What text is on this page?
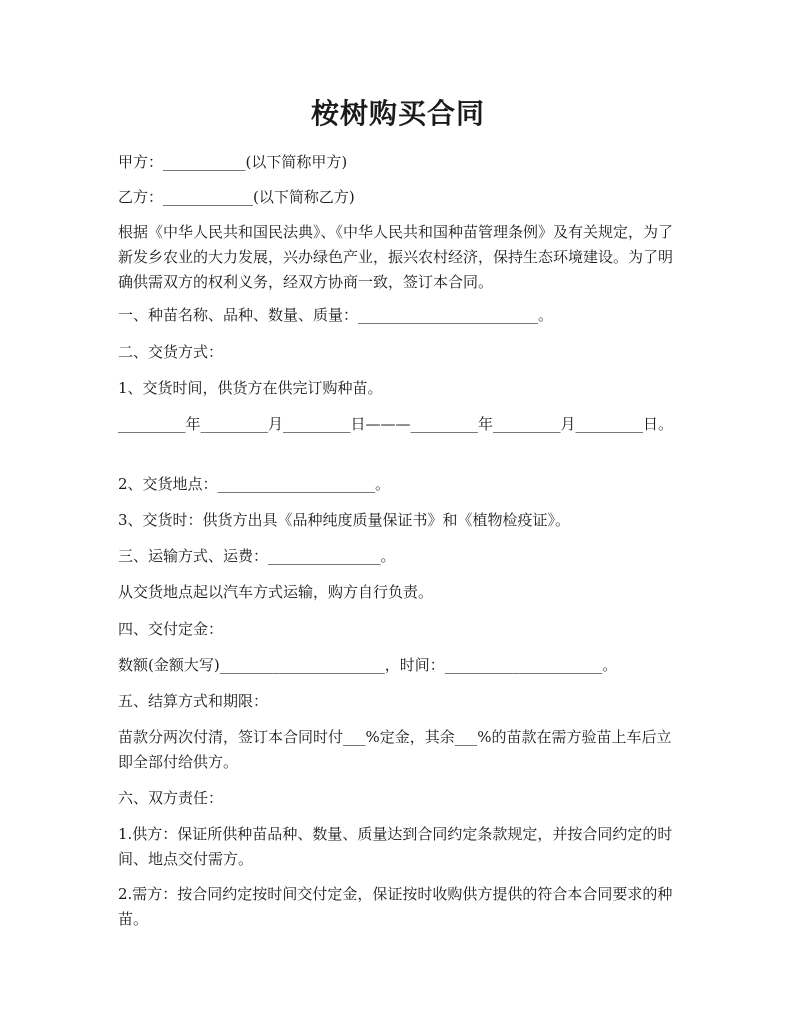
桉树购买合同

甲方：___________(以下简称甲方)

乙方：____________(以下简称乙方)

根据《中华人民共和国民法典》、《中华人民共和国种苗管理条例》及有关规定，为了新发乡农业的大力发展，兴办绿色产业，振兴农村经济，保持生态环境建设。为了明确供需双方的权利义务，经双方协商一致，签订本合同。

一、种苗名称、品种、数量、质量：________________________。

二、交货方式：

1、交货时间，供货方在供完订购种苗。

_________年_________月_________日———_________年_________月_________日。

2、交货地点：_____________________。

3、交货时：供货方出具《品种纯度质量保证书》和《植物检疫证》。

三、运输方式、运费：_______________。

从交货地点起以汽车方式运输，购方自行负责。

四、交付定金：

数额(金额大写)______________________，时间：_____________________。

五、结算方式和期限：

苗款分两次付清，签订本合同时付___%定金，其余___%的苗款在需方验苗上车后立即全部付给供方。

六、双方责任：

1.供方：保证所供种苗品种、数量、质量达到合同约定条款规定，并按合同约定的时间、地点交付需方。

2.需方：按合同约定按时间交付定金，保证按时收购供方提供的符合本合同要求的种苗。
